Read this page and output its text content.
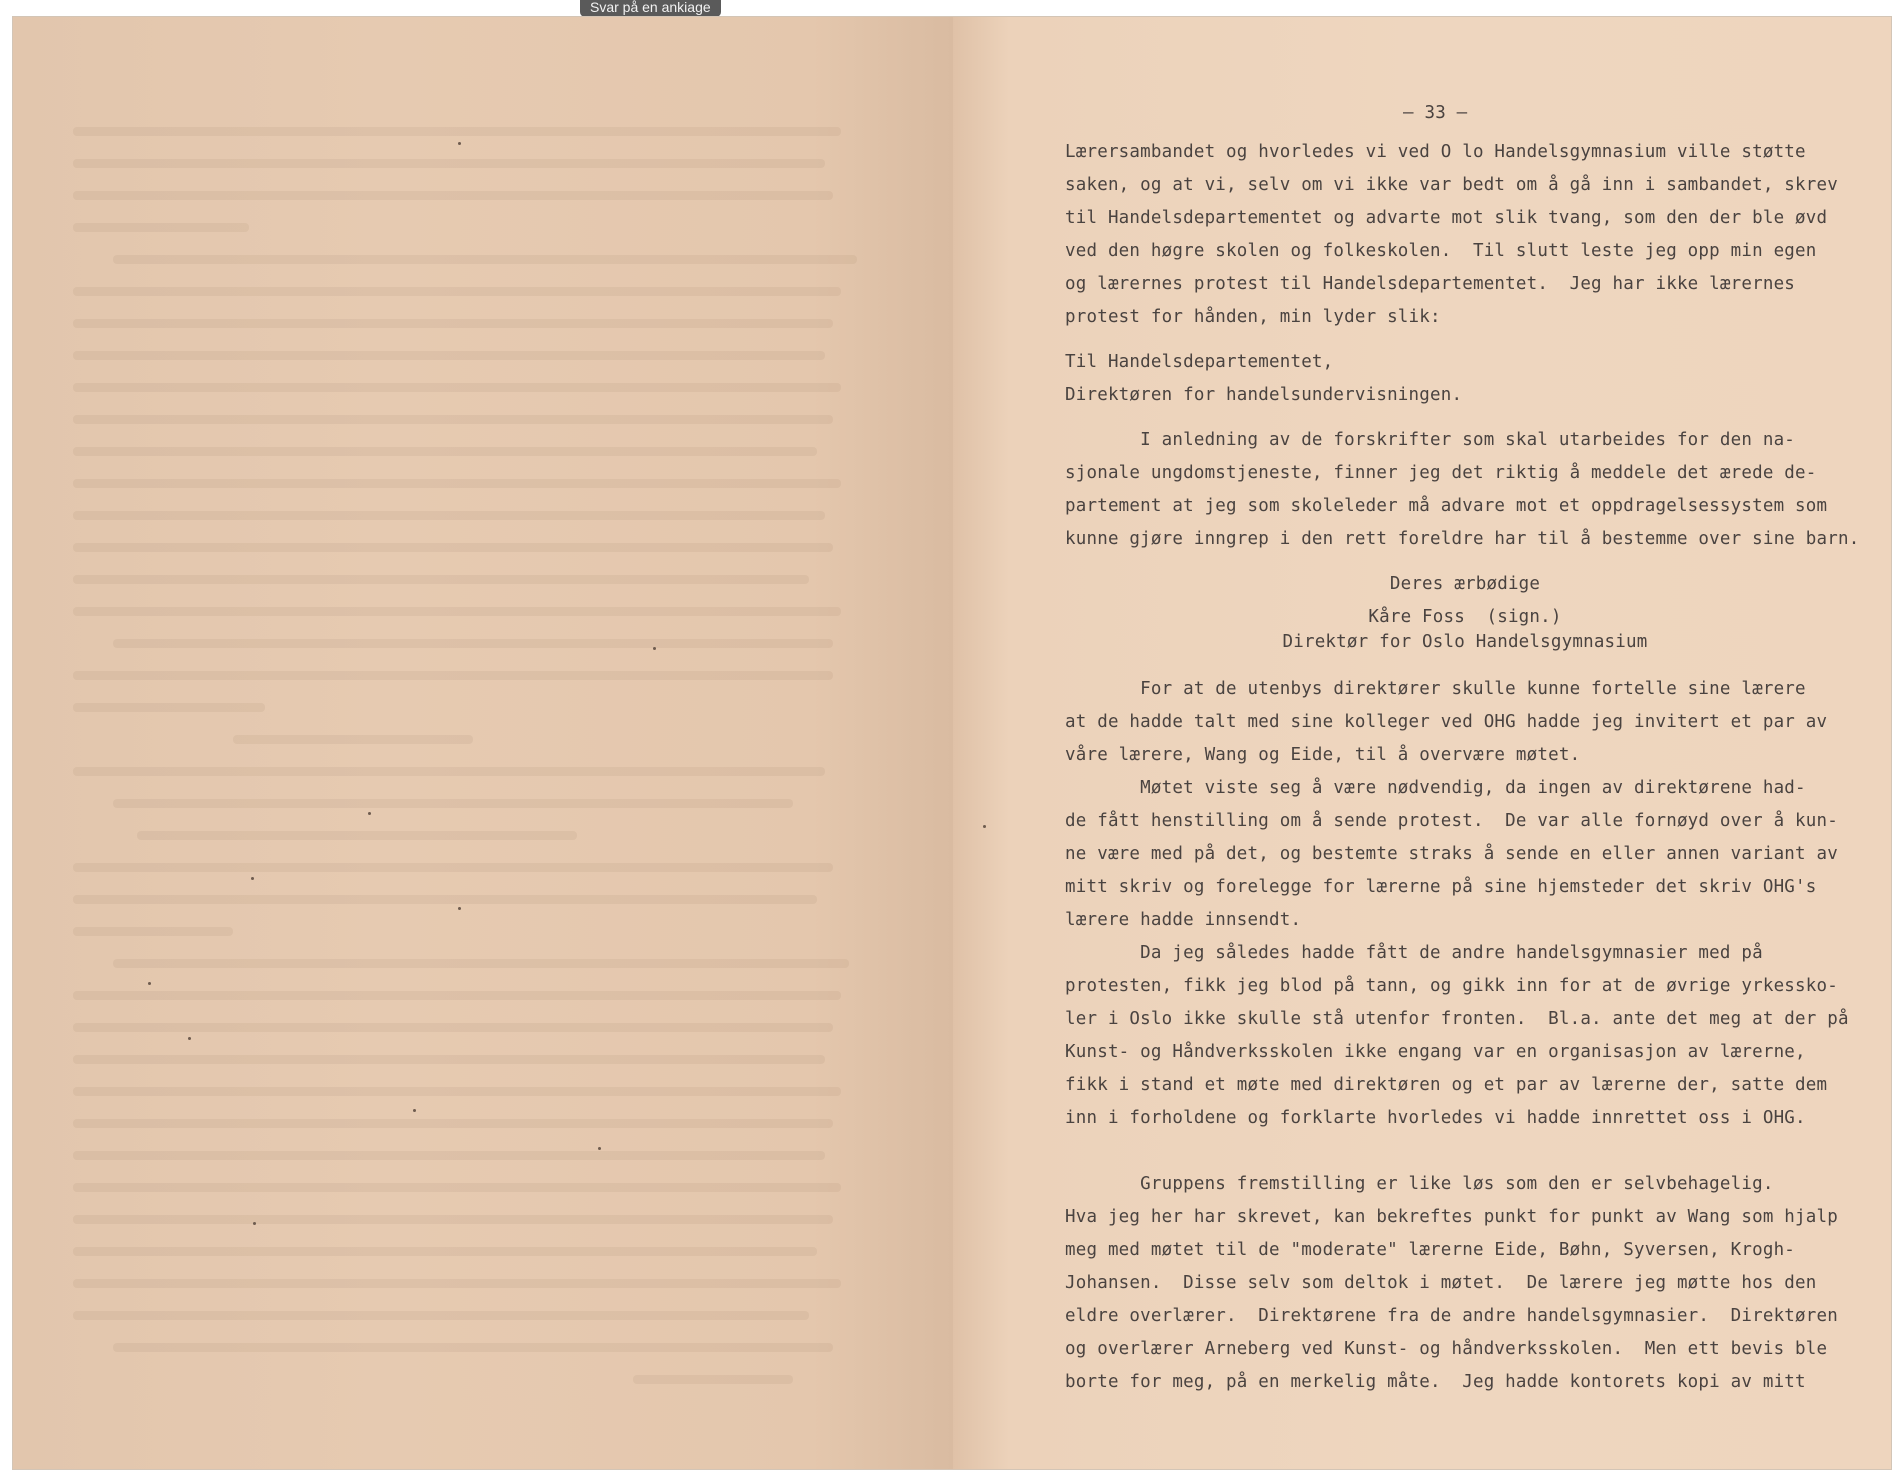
Svar på en ankiage

– 33 –

Lærersambandet og hvorledes vi ved O lo Handelsgymnasium ville støtte

saken, og at vi, selv om vi ikke var bedt om å gå inn i sambandet, skrev

til Handelsdepartementet og advarte mot slik tvang, som den der ble øvd

ved den høgre skolen og folkeskolen.  Til slutt leste jeg opp min egen

og lærernes protest til Handelsdepartementet.  Jeg har ikke lærernes

protest for hånden, min lyder slik:

Til Handelsdepartementet,

Direktøren for handelsundervisningen.

I anledning av de forskrifter som skal utarbeides for den na-

sjonale ungdomstjeneste, finner jeg det riktig å meddele det ærede de-

partement at jeg som skoleleder må advare mot et oppdragelsessystem som

kunne gjøre inngrep i den rett foreldre har til å bestemme over sine barn.

Deres ærbødige

Kåre Foss  (sign.)

Direktør for Oslo Handelsgymnasium

For at de utenbys direktører skulle kunne fortelle sine lærere

at de hadde talt med sine kolleger ved OHG hadde jeg invitert et par av

våre lærere, Wang og Eide, til å overvære møtet.

Møtet viste seg å være nødvendig, da ingen av direktørene had-

de fått henstilling om å sende protest.  De var alle fornøyd over å kun-

ne være med på det, og bestemte straks å sende en eller annen variant av

mitt skriv og forelegge for lærerne på sine hjemsteder det skriv OHG's

lærere hadde innsendt.

Da jeg således hadde fått de andre handelsgymnasier med på

protesten, fikk jeg blod på tann, og gikk inn for at de øvrige yrkessko-

ler i Oslo ikke skulle stå utenfor fronten.  Bl.a. ante det meg at der på

Kunst- og Håndverksskolen ikke engang var en organisasjon av lærerne,

fikk i stand et møte med direktøren og et par av lærerne der, satte dem

inn i forholdene og forklarte hvorledes vi hadde innrettet oss i OHG.

Gruppens fremstilling er like løs som den er selvbehagelig.

Hva jeg her har skrevet, kan bekreftes punkt for punkt av Wang som hjalp

meg med møtet til de "moderate" lærerne Eide, Bøhn, Syversen, Krogh-

Johansen.  Disse selv som deltok i møtet.  De lærere jeg møtte hos den

eldre overlærer.  Direktørene fra de andre handelsgymnasier.  Direktøren

og overlærer Arneberg ved Kunst- og håndverksskolen.  Men ett bevis ble

borte for meg, på en merkelig måte.  Jeg hadde kontorets kopi av mitt
